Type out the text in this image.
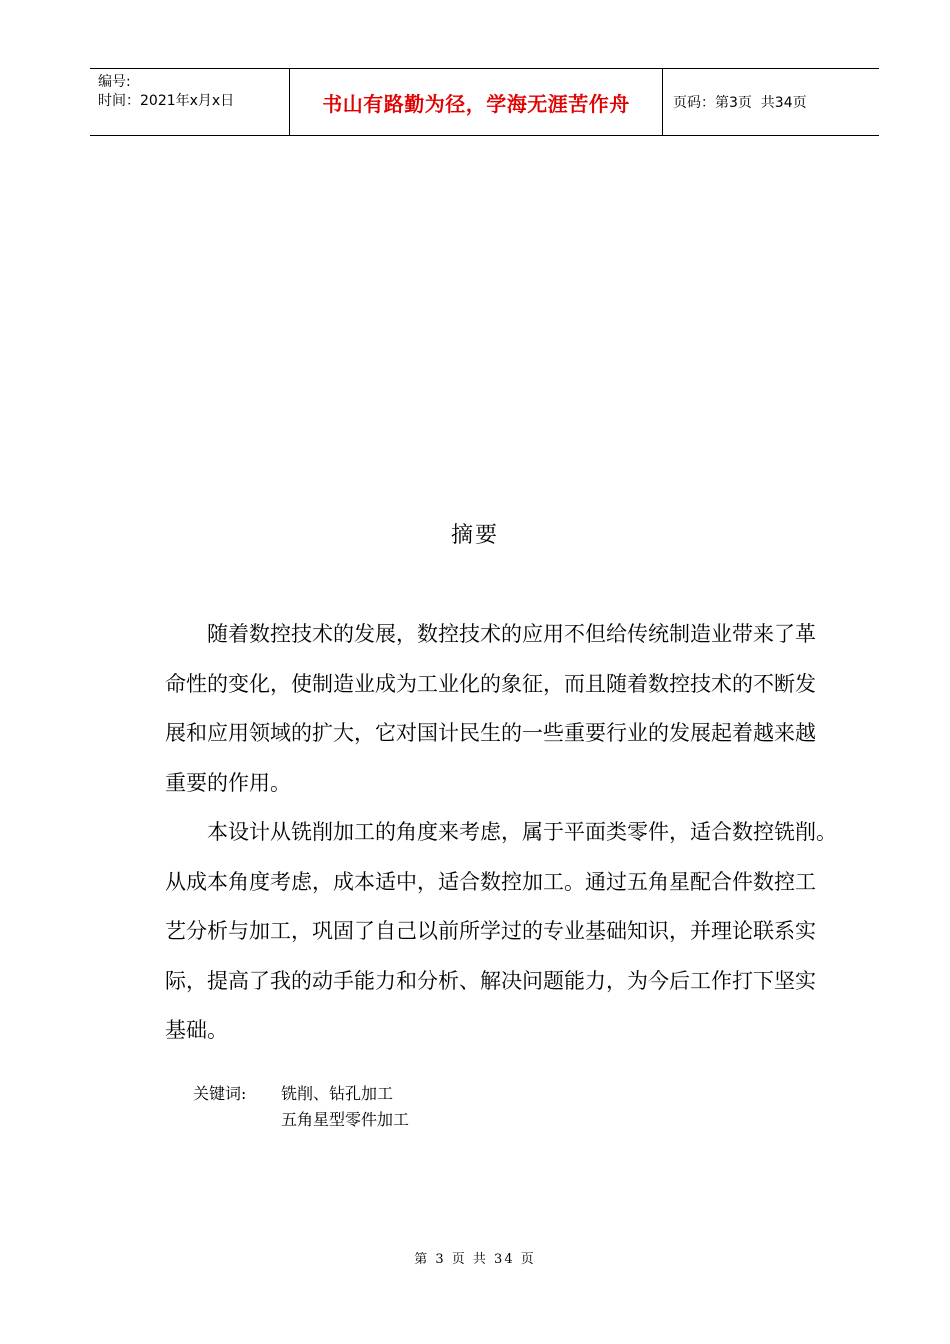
编号:
时间：2021年x月x日	书山有路勤为径，学海无涯苦作舟	页码：第3页  共34页
摘要

随着数控技术的发展，数控技术的应用不但给传统制造业带来了革
命性的变化，使制造业成为工业化的象征，而且随着数控技术的不断发
展和应用领域的扩大，它对国计民生的一些重要行业的发展起着越来越
重要的作用。

本设计从铣削加工的角度来考虑，属于平面类零件，适合数控铣削。
从成本角度考虑，成本适中，适合数控加工。通过五角星配合件数控工
艺分析与加工，巩固了自己以前所学过的专业基础知识，并理论联系实
际，提高了我的动手能力和分析、解决问题能力，为今后工作打下坚实
基础。

关键词:	铣削、钻孔加工
五角星型零件加工
第 3 页 共 34 页
